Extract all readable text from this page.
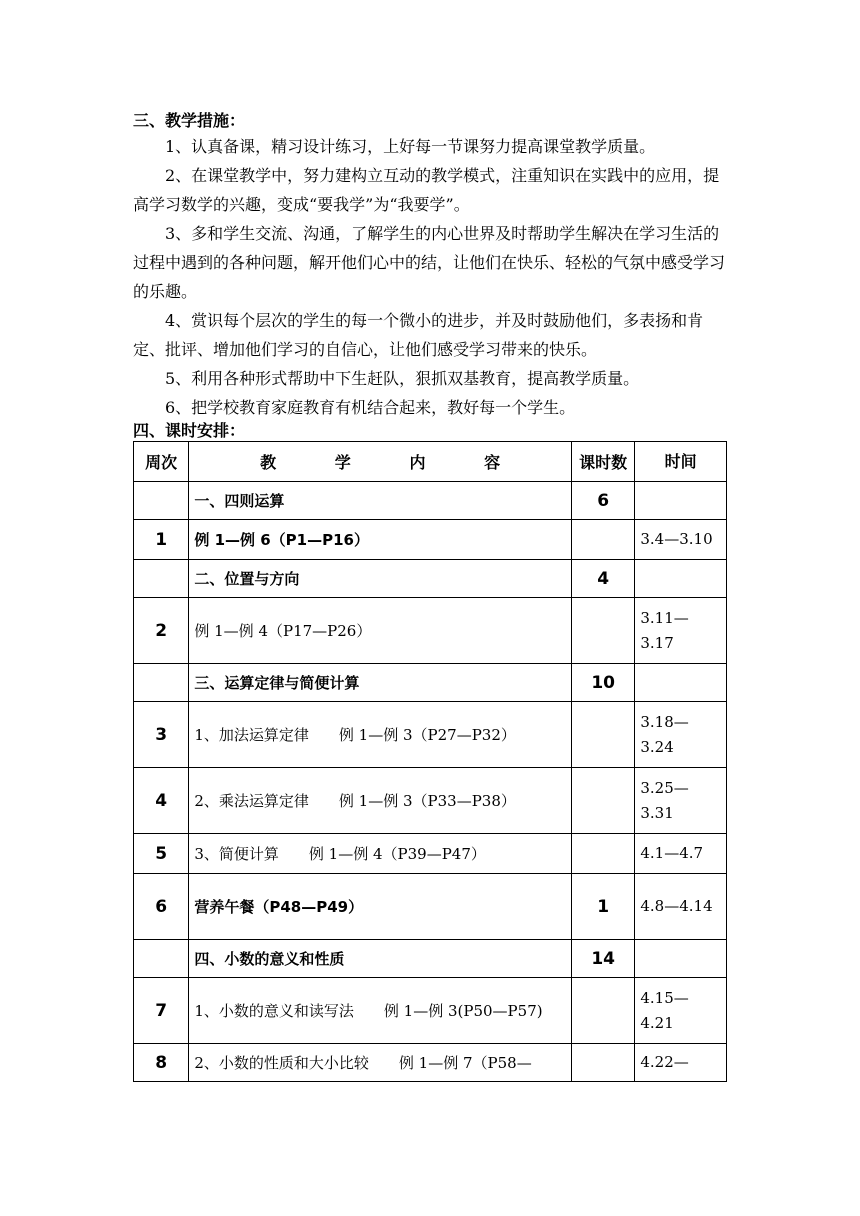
三、教学措施：

1、认真备课，精习设计练习，上好每一节课努力提高课堂教学质量。

2、在课堂教学中，努力建构立互动的教学模式，注重知识在实践中的应用，提高学习数学的兴趣，变成“要我学”为“我要学”。

3、多和学生交流、沟通，了解学生的内心世界及时帮助学生解决在学习生活的过程中遇到的各种问题，解开他们心中的结，让他们在快乐、轻松的气氛中感受学习的乐趣。

4、赏识每个层次的学生的每一个微小的进步，并及时鼓励他们，多表扬和肯定、批评、增加他们学习的自信心，让他们感受学习带来的快乐。

5、利用各种形式帮助中下生赶队，狠抓双基教育，提高教学质量。

6、把学校教育家庭教育有机结合起来，教好每一个学生。

四、课时安排：
周次	教学内容	课时数	时间
	一、四则运算	6	
1	例 1—例 6（P1—P16）		3.4—3.10
	二、位置与方向	4	
2	例 1—例 4（P17—P26）		3.11—3.17
	三、运算定律与简便计算	10	
3	1、加法运算定律 例 1—例 3（P27—P32）		3.18—3.24
4	2、乘法运算定律 例 1—例 3（P33—P38）		3.25—3.31
5	3、简便计算 例 1—例 4（P39—P47）		4.1—4.7
6	营养午餐（P48—P49）	1	4.8—4.14
	四、小数的意义和性质	14	
7	1、小数的意义和读写法 例 1—例 3(P50—P57)		4.15—4.21
8	2、小数的性质和大小比较 例 1—例 7（P58—		4.22—
